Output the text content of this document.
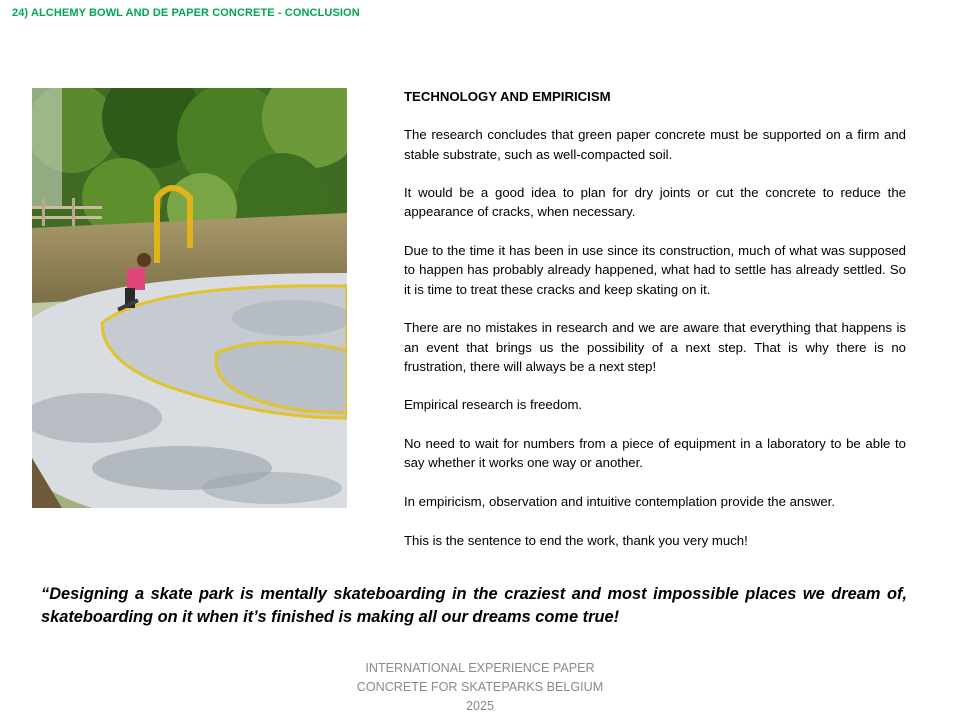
24) ALCHEMY BOWL AND DE PAPER CONCRETE - CONCLUSION
TECHNOLOGY AND EMPIRICISM

The research concludes that green paper concrete must be supported on a firm and stable substrate, such as well-compacted soil.

It would be a good idea to plan for dry joints or cut the concrete to reduce the appearance of cracks, when necessary.

Due to the time it has been in use since its construction, much of what was supposed to happen has probably already happened, what had to settle has already settled. So it is time to treat these cracks and keep skating on it.

There are no mistakes in research and we are aware that everything that happens is an event that brings us the possibility of a next step. That is why there is no frustration, there will always be a next step!

Empirical research is freedom.

No need to wait for numbers from a piece of equipment in a laboratory to be able to say whether it works one way or another.

In empiricism, observation and intuitive contemplation provide the answer.

This is the sentence to end the work, thank you very much!

“Designing a skate park is mentally skateboarding in the craziest and most impossible places we dream of, skateboarding on it when it’s finished is making all our dreams come true!
INTERNATIONAL EXPERIENCE PAPER
CONCRETE FOR SKATEPARKS BELGIUM
2025
